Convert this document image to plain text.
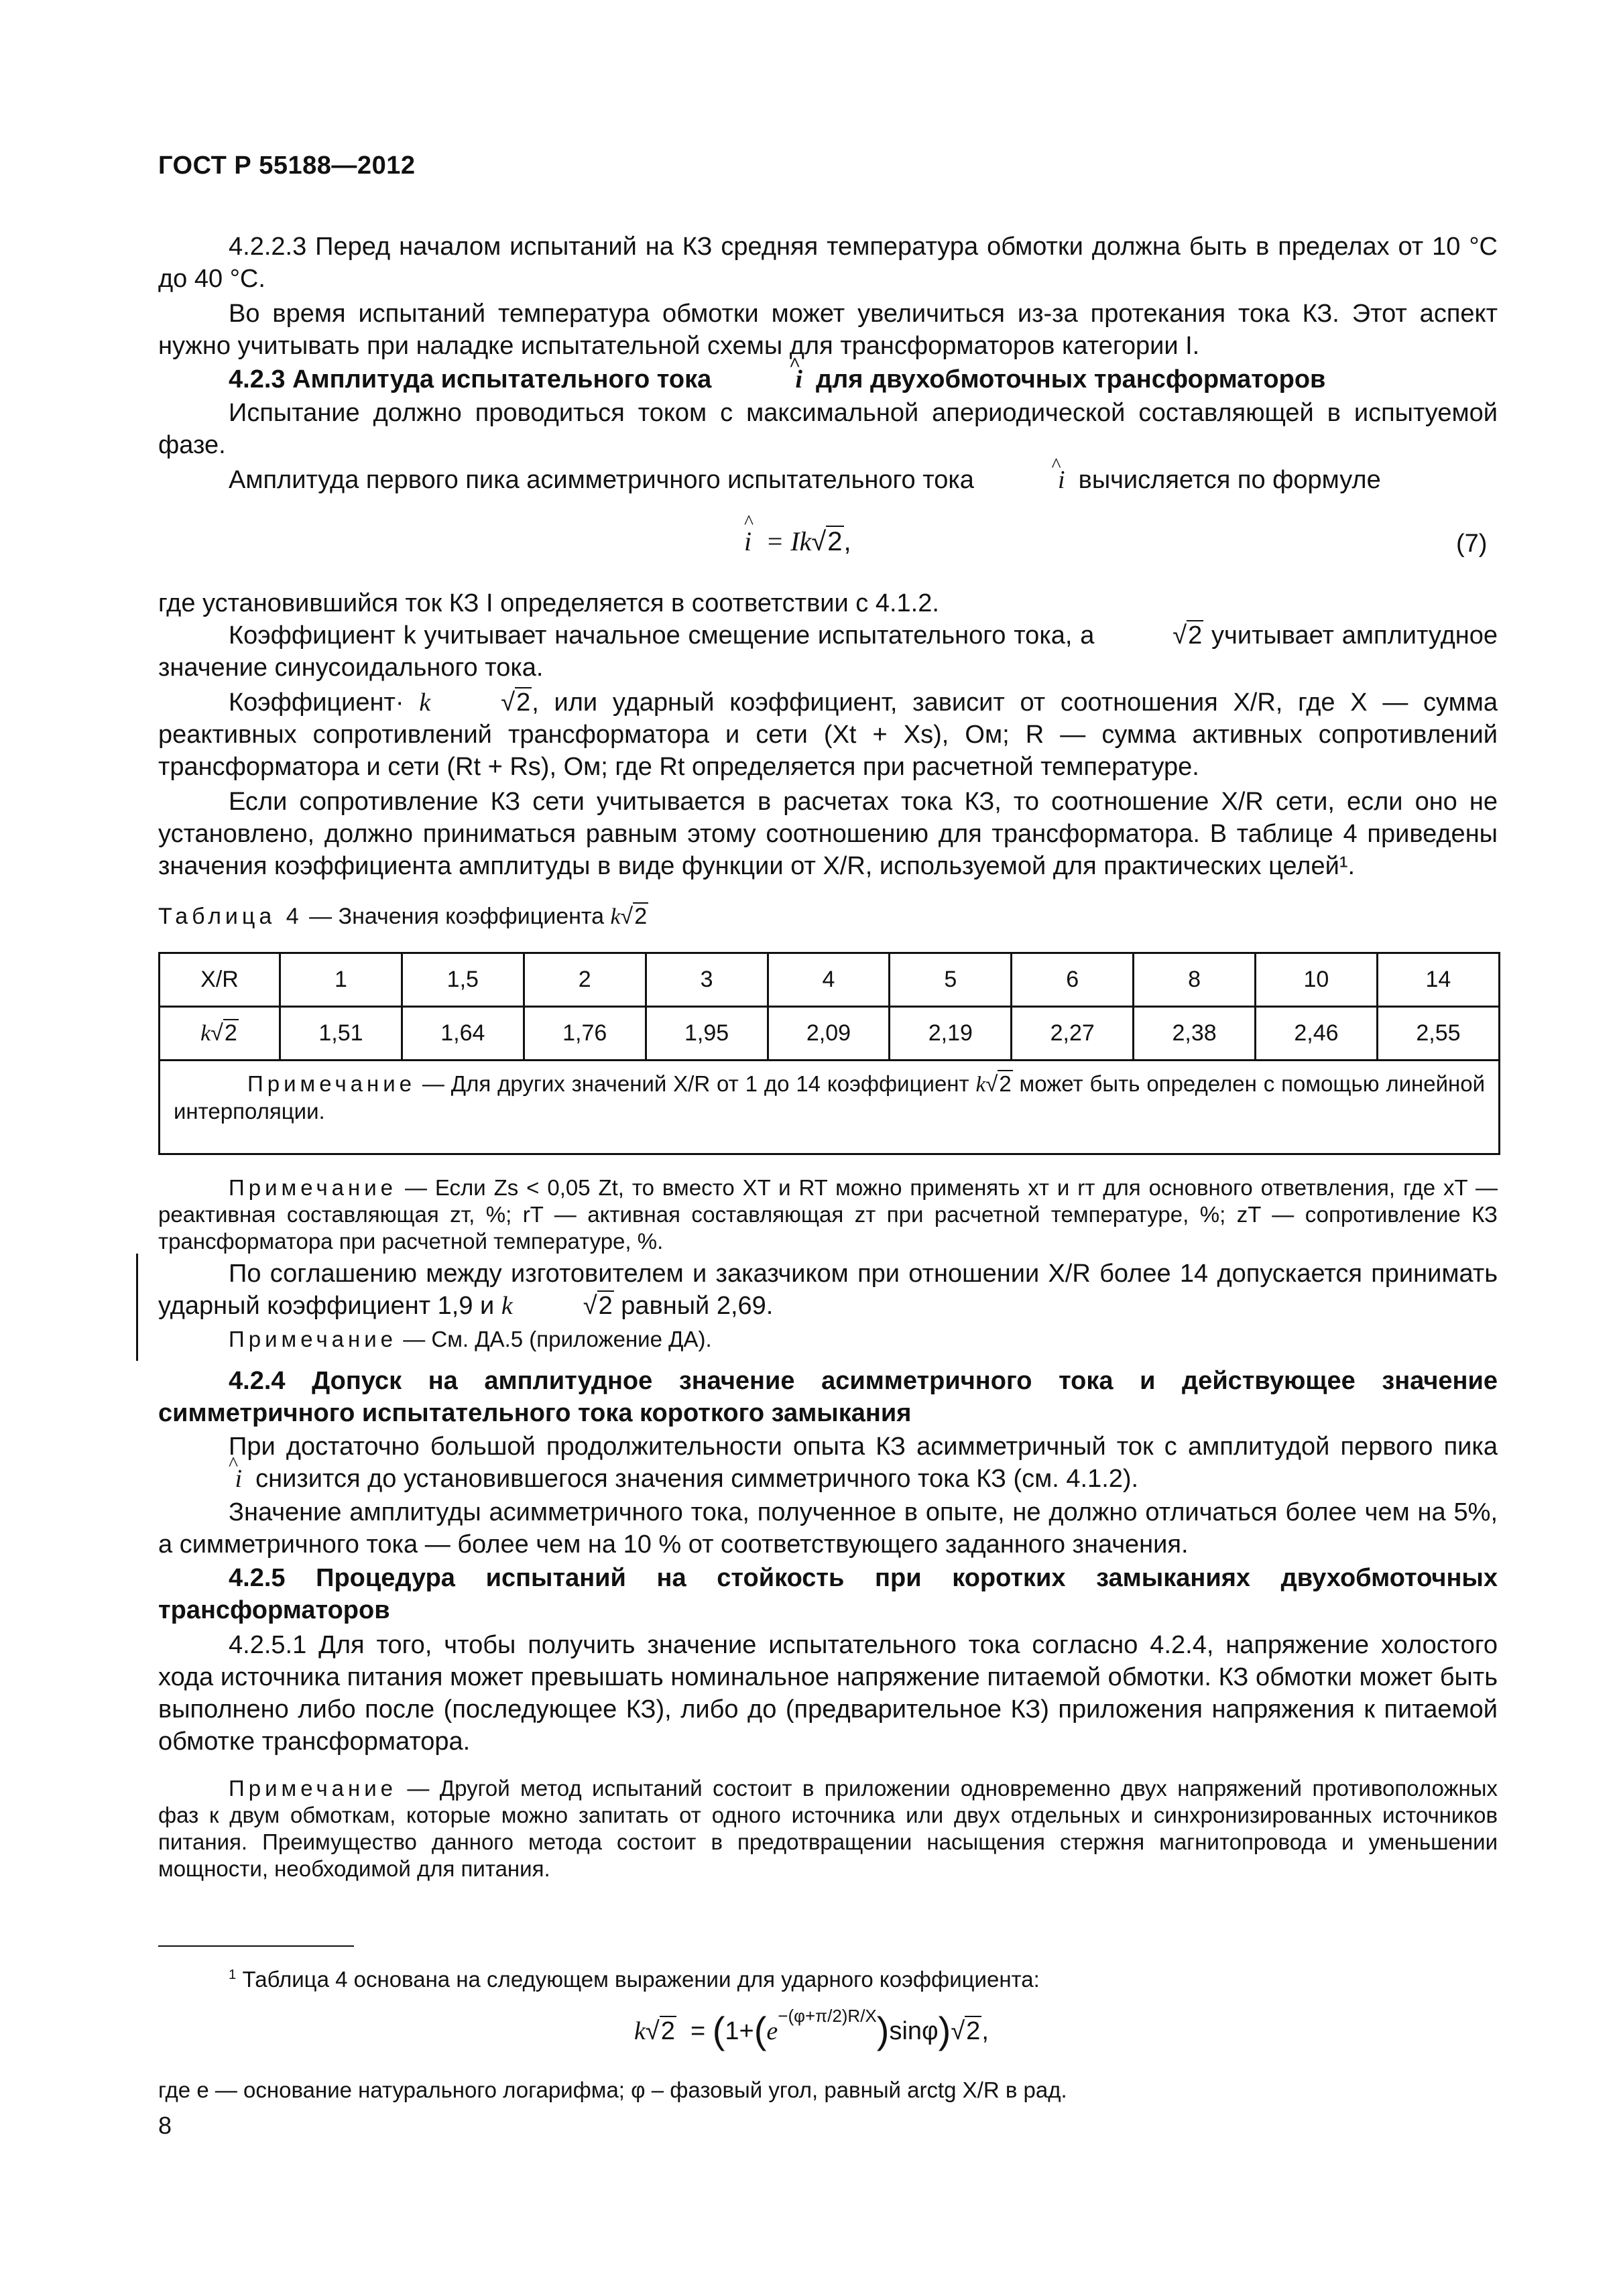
ГОСТ Р 55188—2012
4.2.2.3 Перед началом испытаний на КЗ средняя температура обмотки должна быть в пределах от 10 °С до 40 °С.
Во время испытаний температура обмотки может увеличиться из-за протекания тока КЗ. Этот аспект нужно учитывать при наладке испытательной схемы для трансформаторов категории I.
4.2.3 Амплитуда испытательного тока	^  i  для двухобмоточных трансформаторов
Испытание должно проводиться током с максимальной апериодической составляющей в испытуемой фазе.
Амплитуда первого пика асимметричного испытательного тока	^  i  вычисляется по формуле
^ i  = Ik√2,	(7)
где установившийся ток КЗ I определяется в соответствии с 4.1.2.
Коэффициент k учитывает начальное смещение испытательного тока, а	√2 учитывает амплитудное значение синусоидального тока.
Коэффициент· k	√2, или ударный коэффициент, зависит от соотношения X/R, где X — сумма реактивных сопротивлений трансформатора и сети (Xt + Xs), Ом; R — сумма активных сопротивлений трансформатора и сети (Rt + Rs), Ом; где Rt определяется при расчетной температуре.
Если сопротивление КЗ сети учитывается в расчетах тока КЗ, то соотношение X/R сети, если оно не установлено, должно приниматься равным этому соотношению для трансформатора. В таблице 4 приведены значения коэффициента амплитуды в виде функции от X/R, используемой для практических целей¹.
Таблица 4 — Значения коэффициента k√2
X/R	1	1,5	2	3	4	5	6	8	10	14
k√2	1,51	1,64	1,76	1,95	2,09	2,19	2,27	2,38	2,46	2,55
Примечание — Для других значений X/R от 1 до 14 коэффициент k√2 может быть определен с помощью линейной интерполяции.										
Примечание — Если Zs < 0,05 Zt, то вместо XT и RT можно применять xт и rт для основного ответвления, где xT — реактивная составляющая zт, %; rT — активная составляющая zт при расчетной температуре, %; zT — сопротивление КЗ трансформатора при расчетной температуре, %.
По соглашению между изготовителем и заказчиком при отношении X/R более 14 допускается принимать ударный коэффициент 1,9 и k	√2 равный 2,69.
Примечание — См. ДА.5 (приложение ДА).
4.2.4 Допуск на амплитудное значение асимметричного тока и действующее значение симметричного испытательного тока короткого замыкания
При достаточно большой продолжительности опыта КЗ асимметричный ток с амплитудой первого пика ^  i  снизится до установившегося значения симметричного тока КЗ (см. 4.1.2).
Значение амплитуды асимметричного тока, полученное в опыте, не должно отличаться более чем на 5%, а симметричного тока — более чем на 10 % от соответствующего заданного значения.
4.2.5 Процедура испытаний на стойкость при коротких замыканиях двухобмоточных трансформаторов
4.2.5.1 Для того, чтобы получить значение испытательного тока согласно 4.2.4, напряжение холостого хода источника питания может превышать номинальное напряжение питаемой обмотки. КЗ обмотки может быть выполнено либо после (последующее КЗ), либо до (предварительное КЗ) приложения напряжения к питаемой обмотке трансформатора.
Примечание — Другой метод испытаний состоит в приложении одновременно двух напряжений противоположных фаз к двум обмоткам, которые можно запитать от одного источника или двух отдельных и синхронизированных источников питания. Преимущество данного метода состоит в предотвращении насыщения стержня магнитопровода и уменьшении мощности, необходимой для питания.
$^1$ Таблица 4 основана на следующем выражении для ударного коэффициента:
$k√2 = (1+(e^{-(\varphi+\pi/2)R/X})\sin\varphi)√2$,
где e — основание натурального логарифма; φ – фазовый угол, равный arctg X/R в рад.
8
